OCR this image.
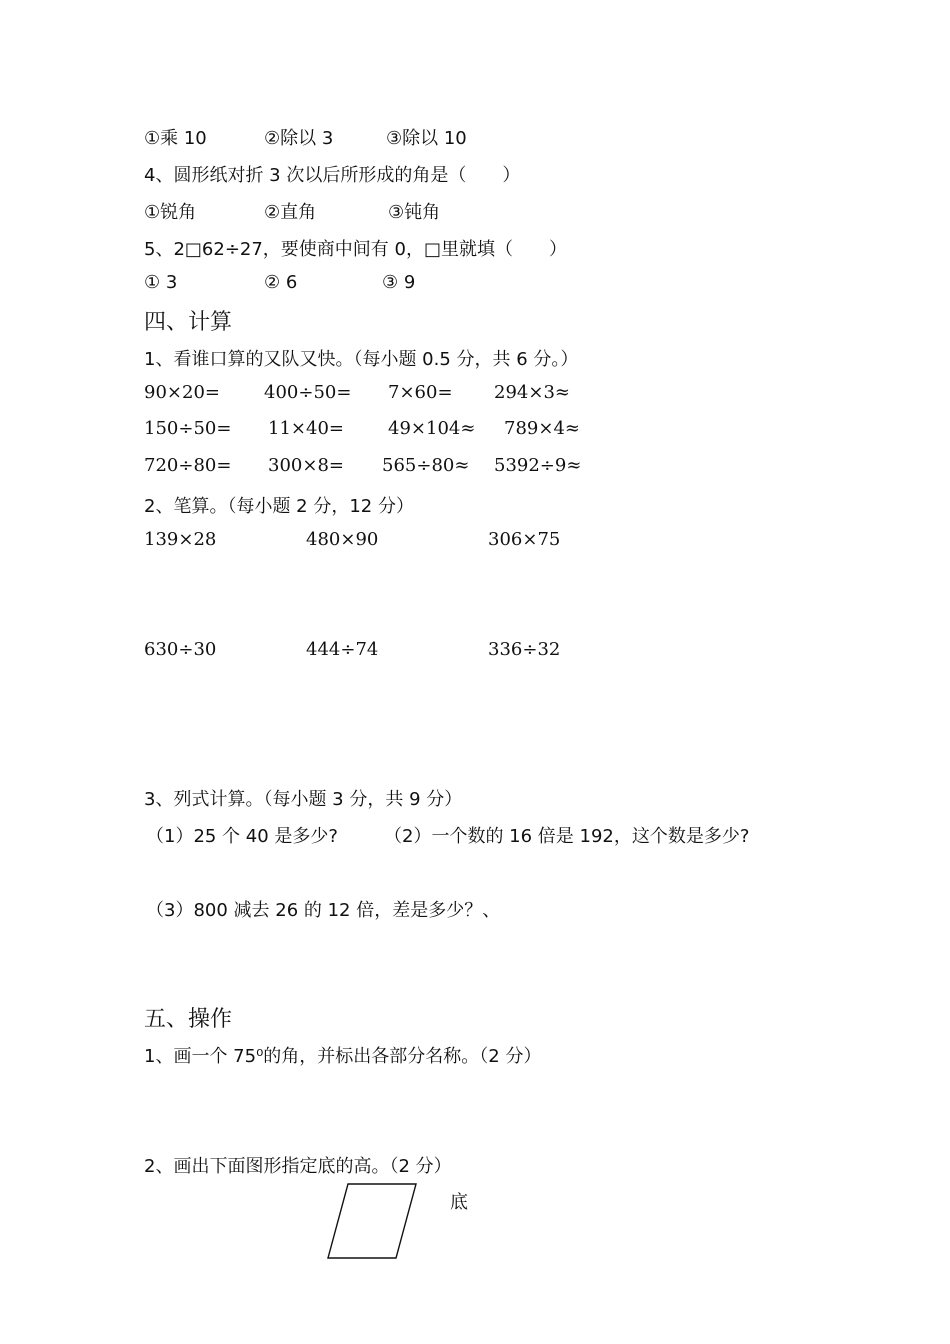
①乘 10	②除以 3	③除以 10
4、圆形纸对折 3 次以后所形成的角是（　　）
①锐角	②直角	③钝角
5、2□62÷27，要使商中间有 0，□里就填（　　）
① 3	② 6	③ 9
四、计算
1、看谁口算的又队又快。（每小题 0.5 分，共 6 分。）
90×20= 400÷50= 7×60= 294×3≈
150÷50= 11×40= 49×104≈ 789×4≈
720÷80= 300×8= 565÷80≈ 5392÷9≈
2、笔算。（每小题 2 分，12 分）
139×28	480×90	306×75
630÷30	444÷74	336÷32
3、列式计算。（每小题 3 分，共 9 分）
（1）25 个 40 是多少?	（2）一个数的 16 倍是 192，这个数是多少?
（3）800 减去 26 的 12 倍，差是多少？、
五、操作
1、画一个 75⁰的角，并标出各部分名称。（2 分）
2、画出下面图形指定底的高。（2 分）
底
